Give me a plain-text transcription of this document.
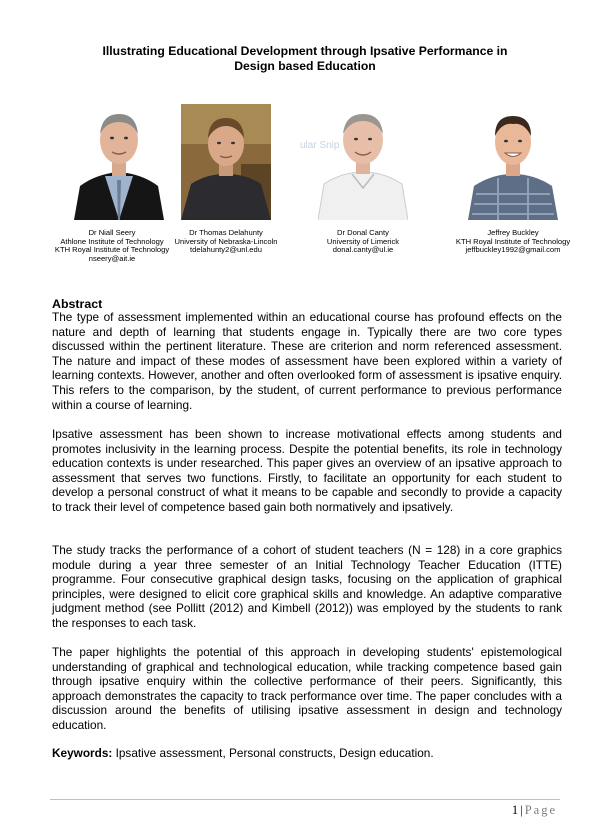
Illustrating Educational Development through Ipsative Performance in
Design based Education
ular Snip
Dr Niall Seery
Athlone Institute of Technology
KTH Royal Institute of Technology
nseery@ait.ie
Dr Thomas Delahunty
University of Nebraska-Lincoln
tdelahunty2@unl.edu
Dr Donal Canty
University of Limerick
donal.canty@ul.ie
Jeffrey Buckley
KTH Royal Institute of Technology
jeffbuckley1992@gmail.com
Abstract

The type of assessment implemented within an educational course has profound effects on the nature and depth of learning that students engage in. Typically there are two core types discussed within the pertinent literature. These are criterion and norm referenced assessment. The nature and impact of these modes of assessment have been explored within a variety of learning contexts. However, another and often overlooked form of assessment is ipsative enquiry. This refers to the comparison, by the student, of current performance to previous performance within a course of learning.

Ipsative assessment has been shown to increase motivational effects among students and promotes inclusivity in the learning process. Despite the potential benefits, its role in technology education contexts is under researched. This paper gives an overview of an ipsative approach to assessment that serves two functions. Firstly, to facilitate an opportunity for each student to develop a personal construct of what it means to be capable and secondly to provide a capacity to track their level of competence based gain both normatively and ipsatively.

The study tracks the performance of a cohort of student teachers (N = 128) in a core graphics module during a year three semester of an Initial Technology Teacher Education (ITTE) programme. Four consecutive graphical design tasks, focusing on the application of graphical principles, were designed to elicit core graphical skills and knowledge. An adaptive comparative judgment method (see Pollitt (2012) and Kimbell (2012)) was employed by the students to rank the responses to each task.

The paper highlights the potential of this approach in developing students' epistemological understanding of graphical and technological education, while tracking competence based gain through ipsative enquiry within the collective performance of their peers. Significantly, this approach demonstrates the capacity to track performance over time. The paper concludes with a discussion around the benefits of utilising ipsative assessment in design and technology education.

Keywords: Ipsative assessment, Personal constructs, Design education.
1 | Page
